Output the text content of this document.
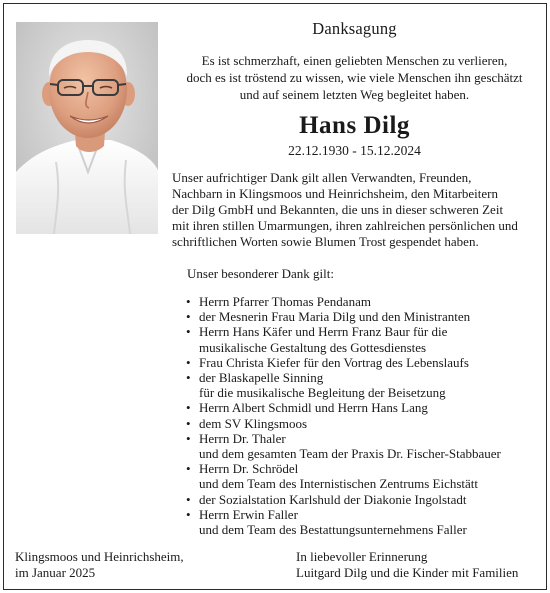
Danksagung
Es ist schmerzhaft, einen geliebten Menschen zu verlieren,
doch es ist tröstend zu wissen, wie viele Menschen ihn geschätzt
und auf seinem letzten Weg begleitet haben.
Hans Dilg
22.12.1930 - 15.12.2024

Unser aufrichtiger Dank gilt allen Verwandten, Freunden,

Nachbarn in Klingsmoos und Heinrichsheim, den Mitarbeitern

der Dilg GmbH und Bekannten, die uns in dieser schweren Zeit

mit ihren stillen Umarmungen, ihren zahlreichen persönlichen und

schriftlichen Worten sowie Blumen Trost gespendet haben.

Unser besonderer Dank gilt:
• Herrn Pfarrer Thomas Pendanam
• der Mesnerin Frau Maria Dilg und den Ministranten
• Herrn Hans Käfer und Herrn Franz Baur für die
musikalische Gestaltung des Gottesdienstes
• Frau Christa Kiefer für den Vortrag des Lebenslaufs
• der Blaskapelle Sinning
für die musikalische Begleitung der Beisetzung
• Herrn Albert Schmidl und Herrn Hans Lang
• dem SV Klingsmoos
• Herrn Dr. Thaler
und dem gesamten Team der Praxis Dr. Fischer-Stabbauer
• Herrn Dr. Schrödel
und dem Team des Internistischen Zentrums Eichstätt
• der Sozialstation Karlshuld der Diakonie Ingolstadt
• Herrn Erwin Faller
und dem Team des Bestattungsunternehmens Faller
Klingsmoos und Heinrichsheim,
im Januar 2025
In liebevoller Erinnerung
Luitgard Dilg und die Kinder mit Familien
